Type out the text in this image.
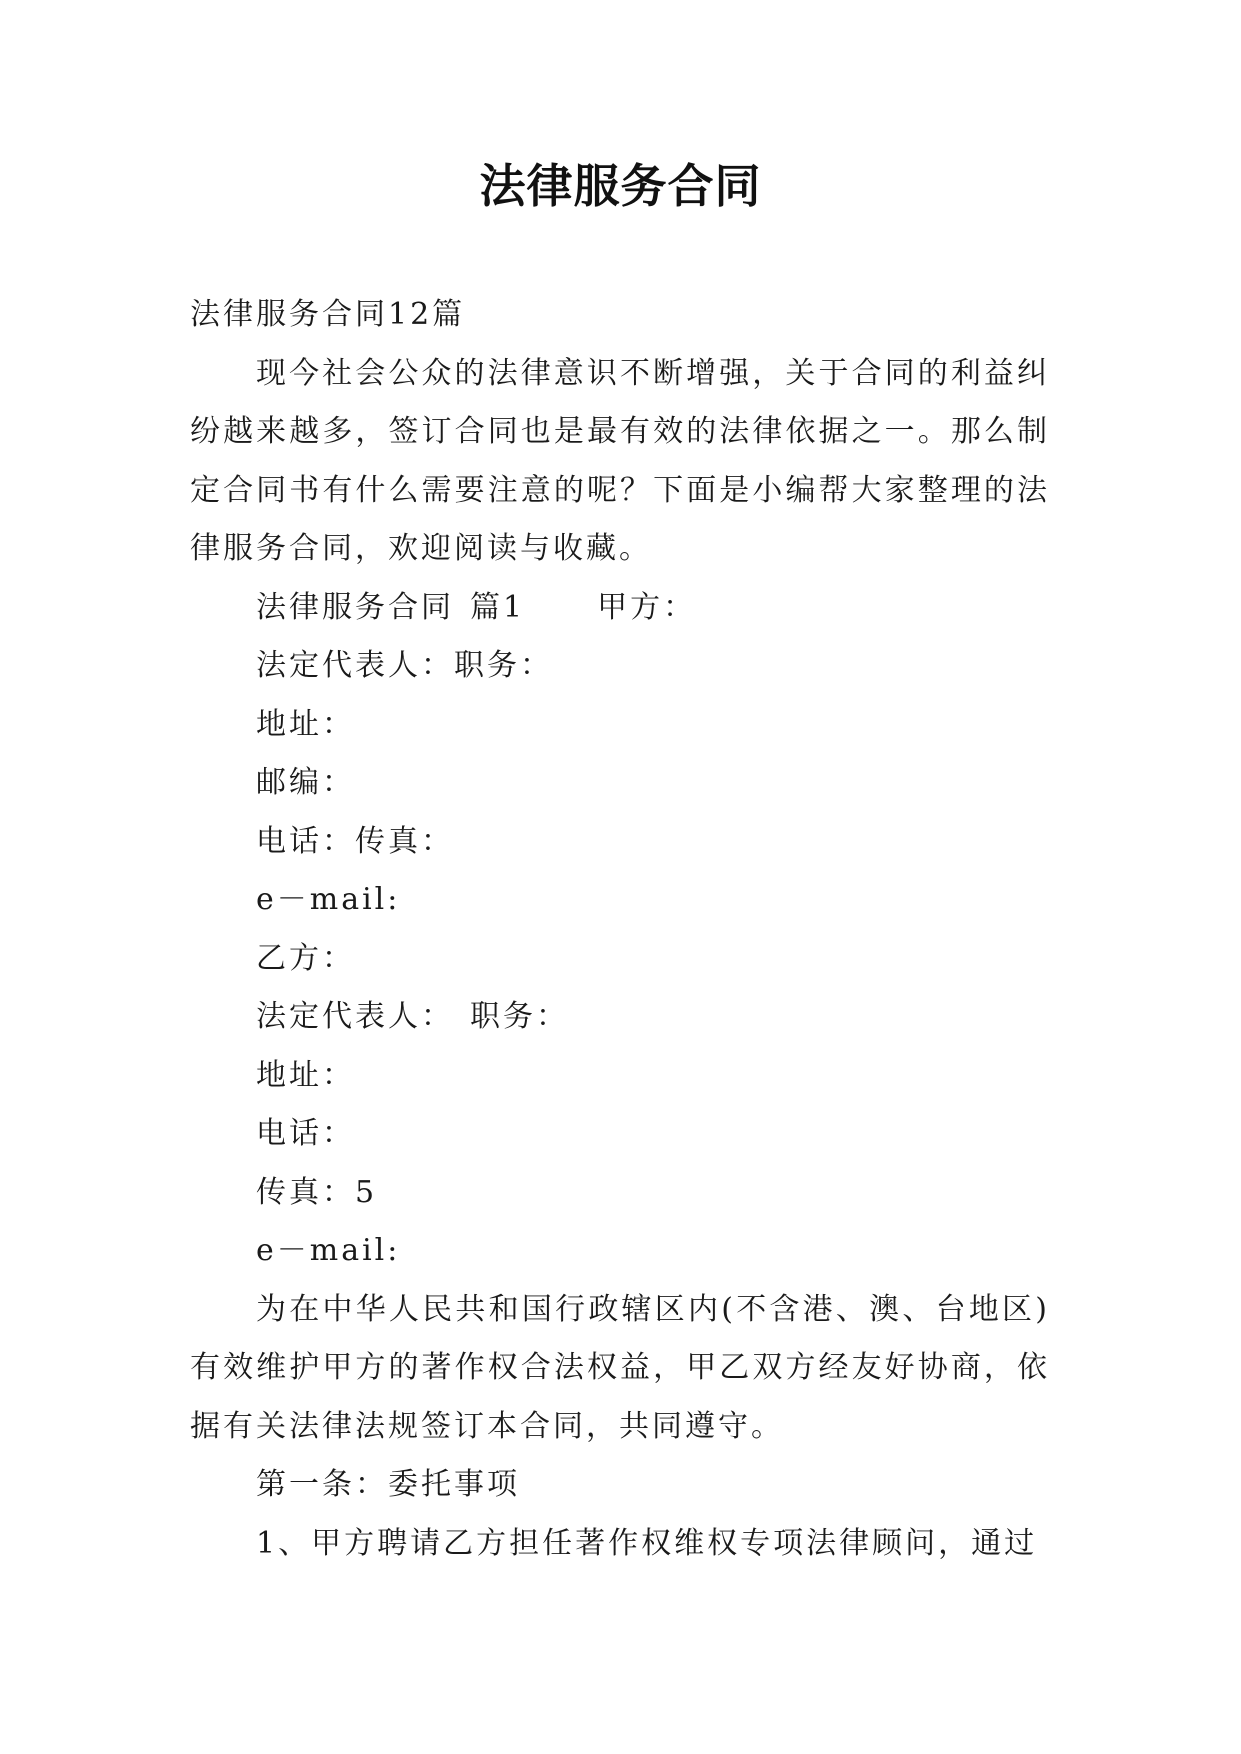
法律服务合同
法律服务合同12篇
现今社会公众的法律意识不断增强，关于合同的利益纠纷越来越多，签订合同也是最有效的法律依据之一。那么制定合同书有什么需要注意的呢？下面是小编帮大家整理的法律服务合同，欢迎阅读与收藏。
法律服务合同 篇1 甲方：
法定代表人：职务：
地址：
邮编：
电话：传真：
e－mail:
乙方：
法定代表人： 职务：
地址：
电话：
传真：5
e－mail:
为在中华人民共和国行政辖区内(不含港、澳、台地区)有效维护甲方的著作权合法权益，甲乙双方经友好协商，依据有关法律法规签订本合同，共同遵守。
第一条：委托事项
1、甲方聘请乙方担任著作权维权专项法律顾问，通过
